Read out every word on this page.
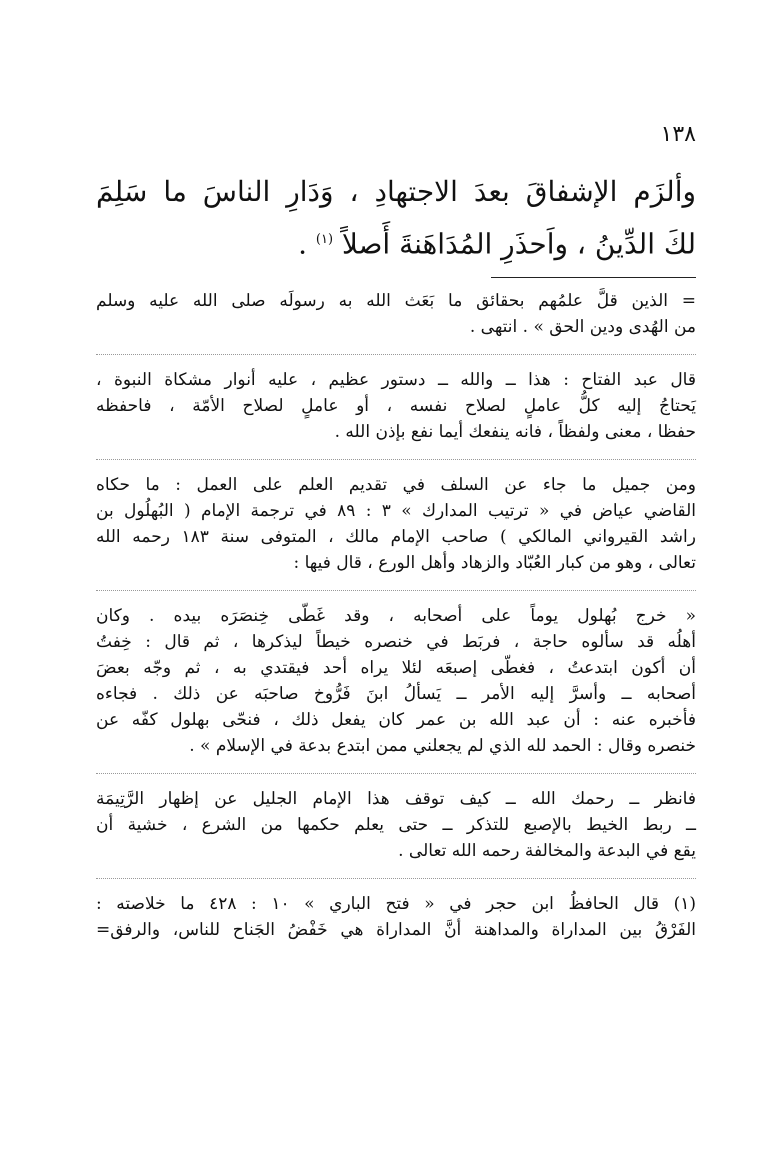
١٣٨
وألزَم الإشفاقَ بعدَ الاجتهادِ ، وَدَارِ الناسَ ما سَلِمَ
لكَ الدِّينُ ، واَحذَرِ المُدَاهَنةَ أَصلاً $^{(١)}$ .

= الذين قلَّ علمُهم بحقائق ما بَعَث الله به رسولَه صلى الله عليه وسلم
من الهُدى ودين الحق » . انتهى .

قال عبد الفتاح : هذا ــ والله ــ دستور عظيم ، عليه أنوار مشكاة النبوة ،
يَحتاجُ إليه كلُّ عاملٍ لصلاح نفسه ، أو عاملٍ لصلاح الأمّة ، فاحفظه
حفظا ، معنى ولفظاً ، فانه ينفعك أيما نفع بإذن الله .

ومن جميل ما جاء عن السلف في تقديم العلم على العمل : ما حكاه
القاضي عياض في « ترتيب المدارك » ٣ : ٨٩ في ترجمة الإمام ( البُهلُول بن
راشد القيرواني المالكي ) صاحب الإمام مالك ، المتوفى سنة ١٨٣ رحمه الله
تعالى ، وهو من كبار العُبّاد والزهاد وأهل الورع ، قال فيها :

« خرج بُهلول يوماً على أصحابه ، وقد غَطّى خِنصَرَه بيده . وكان
أهلُه قد سألوه حاجة ، فربَط في خنصره خيطاً ليذكرها ، ثم قال : خِفتُ
أن أكون ابتدعتُ ، فغطّى إصبعَه لئلا يراه أحد فيقتدي به ، ثم وجّه بعضَ
أصحابه ــ وأسرَّ إليه الأمر ــ يَسألُ ابنَ فَرُّوخ صاحبَه عن ذلك . فجاءه
فأخبره عنه : أن عبد الله بن عمر كان يفعل ذلك ، فنحّى بهلول كفّه عن
خنصره وقال : الحمد لله الذي لم يجعلني ممن ابتدع بدعة في الإسلام » .

فانظر ــ رحمك الله ــ كيف توقف هذا الإمام الجليل عن إظهار الرَّتِيمَة
ــ ربط الخيط بالإصبع للتذكر ــ حتى يعلم حكمها من الشرع ، خشية أن
يقع في البدعة والمخالفة رحمه الله تعالى .

(١) قال الحافظُ ابن حجر في « فتح الباري » ١٠ : ٤٢٨ ما خلاصته :
الفَرْقُ بين المداراة والمداهنة أنَّ المداراة هي خَفْضُ الجَناح للناس، والرفق=
